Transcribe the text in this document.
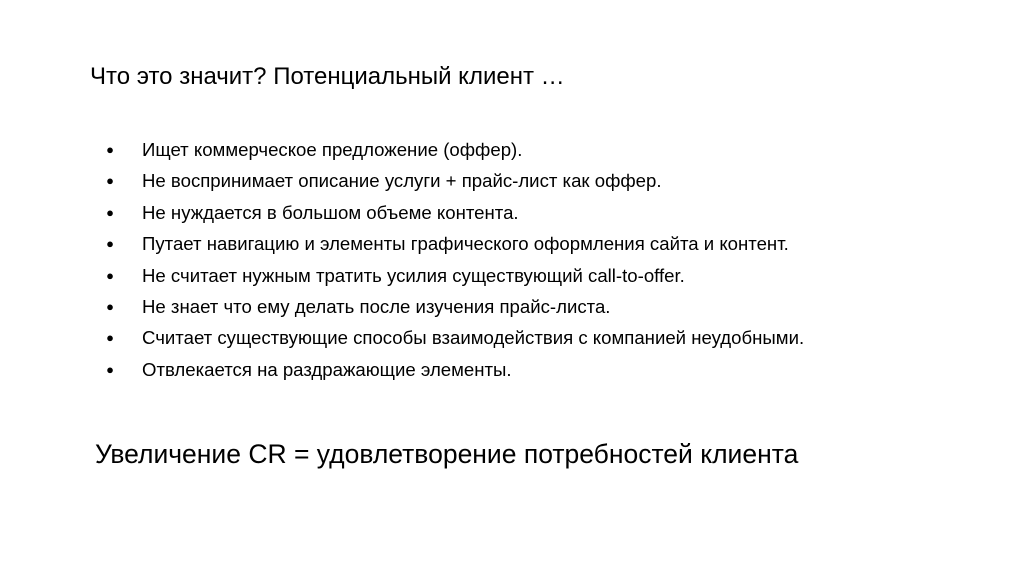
Что это значит? Потенциальный клиент …
●	Ищет коммерческое предложение (оффер).
●	Не воспринимает описание услуги + прайс-лист как оффер.
●	Не нуждается в большом объеме контента.
●	Путает навигацию и элементы графического оформления сайта и контент.
●	Не считает нужным тратить усилия существующий call-to-offer.
●	Не знает что ему делать после изучения прайс-листа.
●	Считает существующие способы взаимодействия с компанией неудобными.
●	Отвлекается на раздражающие элементы.
Увеличение CR = удовлетворение потребностей клиента
